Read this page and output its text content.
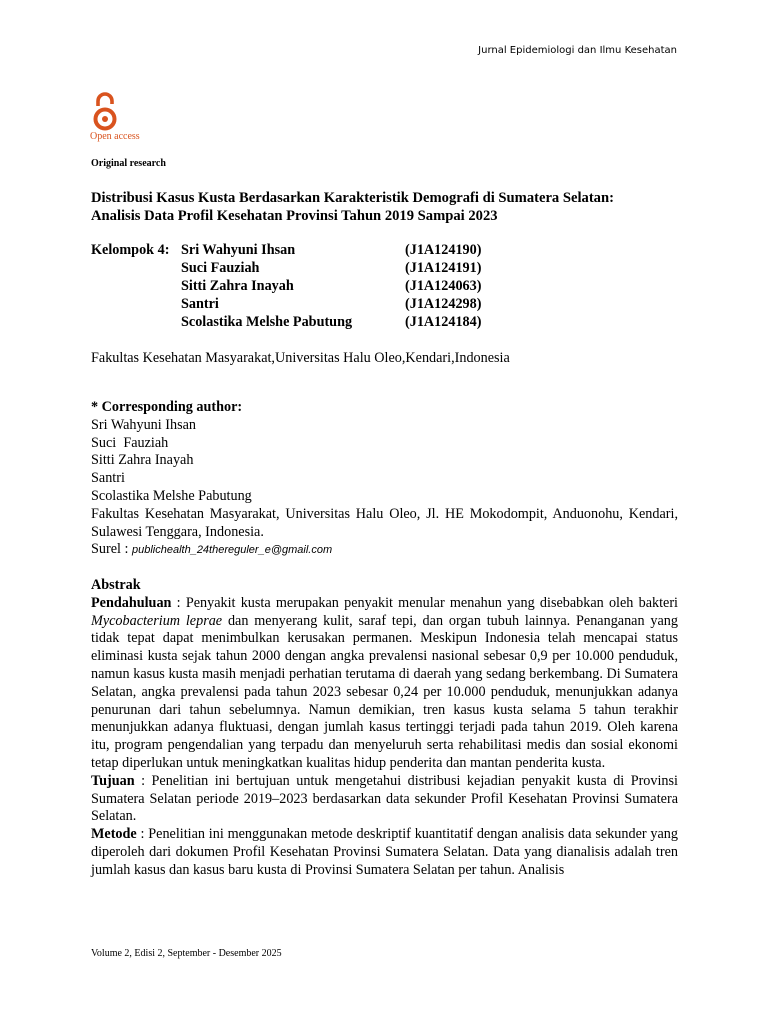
Jurnal Epidemiologi dan Ilmu Kesehatan
Open access
Original research
Distribusi Kasus Kusta Berdasarkan Karakteristik Demografi di Sumatera Selatan:
Analisis Data Profil Kesehatan Provinsi Tahun 2019 Sampai 2023
Kelompok 4:	Sri Wahyuni Ihsan	(J1A124190)
	Suci Fauziah	(J1A124191)
	Sitti Zahra Inayah	(J1A124063)
	Santri	(J1A124298)
	Scolastika Melshe Pabutung	(J1A124184)
Fakultas Kesehatan Masyarakat,Universitas Halu Oleo,Kendari,Indonesia
* Corresponding author:
Sri Wahyuni Ihsan
Suci  Fauziah
Sitti Zahra Inayah
Santri
Scolastika Melshe Pabutung
Fakultas Kesehatan Masyarakat, Universitas Halu Oleo, Jl. HE Mokodompit, Anduonohu, Kendari, Sulawesi Tenggara, Indonesia.
Surel : publichealth_24thereguler_e@gmail.com
Abstrak

Pendahuluan : Penyakit kusta merupakan penyakit menular menahun yang disebabkan oleh bakteri Mycobacterium leprae dan menyerang kulit, saraf tepi, dan organ tubuh lainnya. Penanganan yang tidak tepat dapat menimbulkan kerusakan permanen. Meskipun Indonesia telah mencapai status eliminasi kusta sejak tahun 2000 dengan angka prevalensi nasional sebesar 0,9 per 10.000 penduduk, namun kasus kusta masih menjadi perhatian terutama di daerah yang sedang berkembang. Di Sumatera Selatan, angka prevalensi pada tahun 2023 sebesar 0,24 per 10.000 penduduk, menunjukkan adanya penurunan dari tahun sebelumnya. Namun demikian, tren kasus kusta selama 5 tahun terakhir menunjukkan adanya fluktuasi, dengan jumlah kasus tertinggi terjadi pada tahun 2019. Oleh karena itu, program pengendalian yang terpadu dan menyeluruh serta rehabilitasi medis dan sosial ekonomi tetap diperlukan untuk meningkatkan kualitas hidup penderita dan mantan penderita kusta.

Tujuan : Penelitian ini bertujuan untuk mengetahui distribusi kejadian penyakit kusta di Provinsi Sumatera Selatan periode 2019–2023 berdasarkan data sekunder Profil Kesehatan Provinsi Sumatera Selatan.

Metode : Penelitian ini menggunakan metode deskriptif kuantitatif dengan analisis data sekunder yang diperoleh dari dokumen Profil Kesehatan Provinsi Sumatera Selatan. Data yang dianalisis adalah tren jumlah kasus dan kasus baru kusta di Provinsi Sumatera Selatan per tahun. Analisis

Volume 2, Edisi 2, September - Desember 2025
